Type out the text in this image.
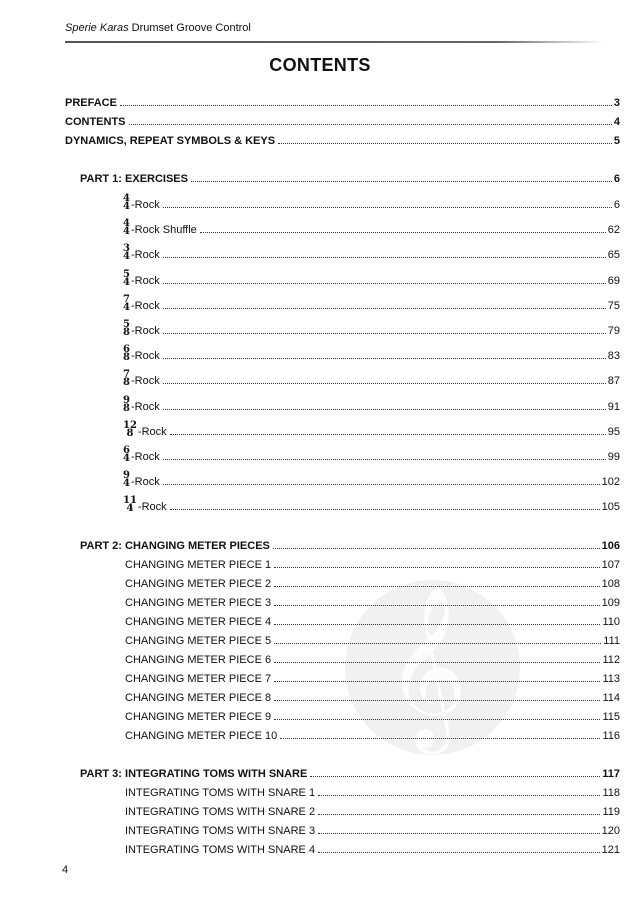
Sperie Karas Drumset Groove Control
𝄞
CONTENTS
PREFACE	3
CONTENTS	4
DYNAMICS, REPEAT SYMBOLS & KEYS	5
PART 1: EXERCISES	6
4
4 -Rock	6
4
4 -Rock Shuffle	62
3
4 -Rock	65
5
4 -Rock	69
7
4 -Rock	75
5
8 -Rock	79
6
8 -Rock	83
7
8 -Rock	87
9
8 -Rock	91
12
8 -Rock	95
6
4 -Rock	99
9
4 -Rock	102
11
4 -Rock	105
PART 2: CHANGING METER PIECES	106
CHANGING METER PIECE 1	107
CHANGING METER PIECE 2	108
CHANGING METER PIECE 3	109
CHANGING METER PIECE 4	110
CHANGING METER PIECE 5	111
CHANGING METER PIECE 6	112
CHANGING METER PIECE 7	113
CHANGING METER PIECE 8	114
CHANGING METER PIECE 9	115
CHANGING METER PIECE 10	116
PART 3: INTEGRATING TOMS WITH SNARE	117
INTEGRATING TOMS WITH SNARE 1	118
INTEGRATING TOMS WITH SNARE 2	119
INTEGRATING TOMS WITH SNARE 3	120
INTEGRATING TOMS WITH SNARE 4	121
4
